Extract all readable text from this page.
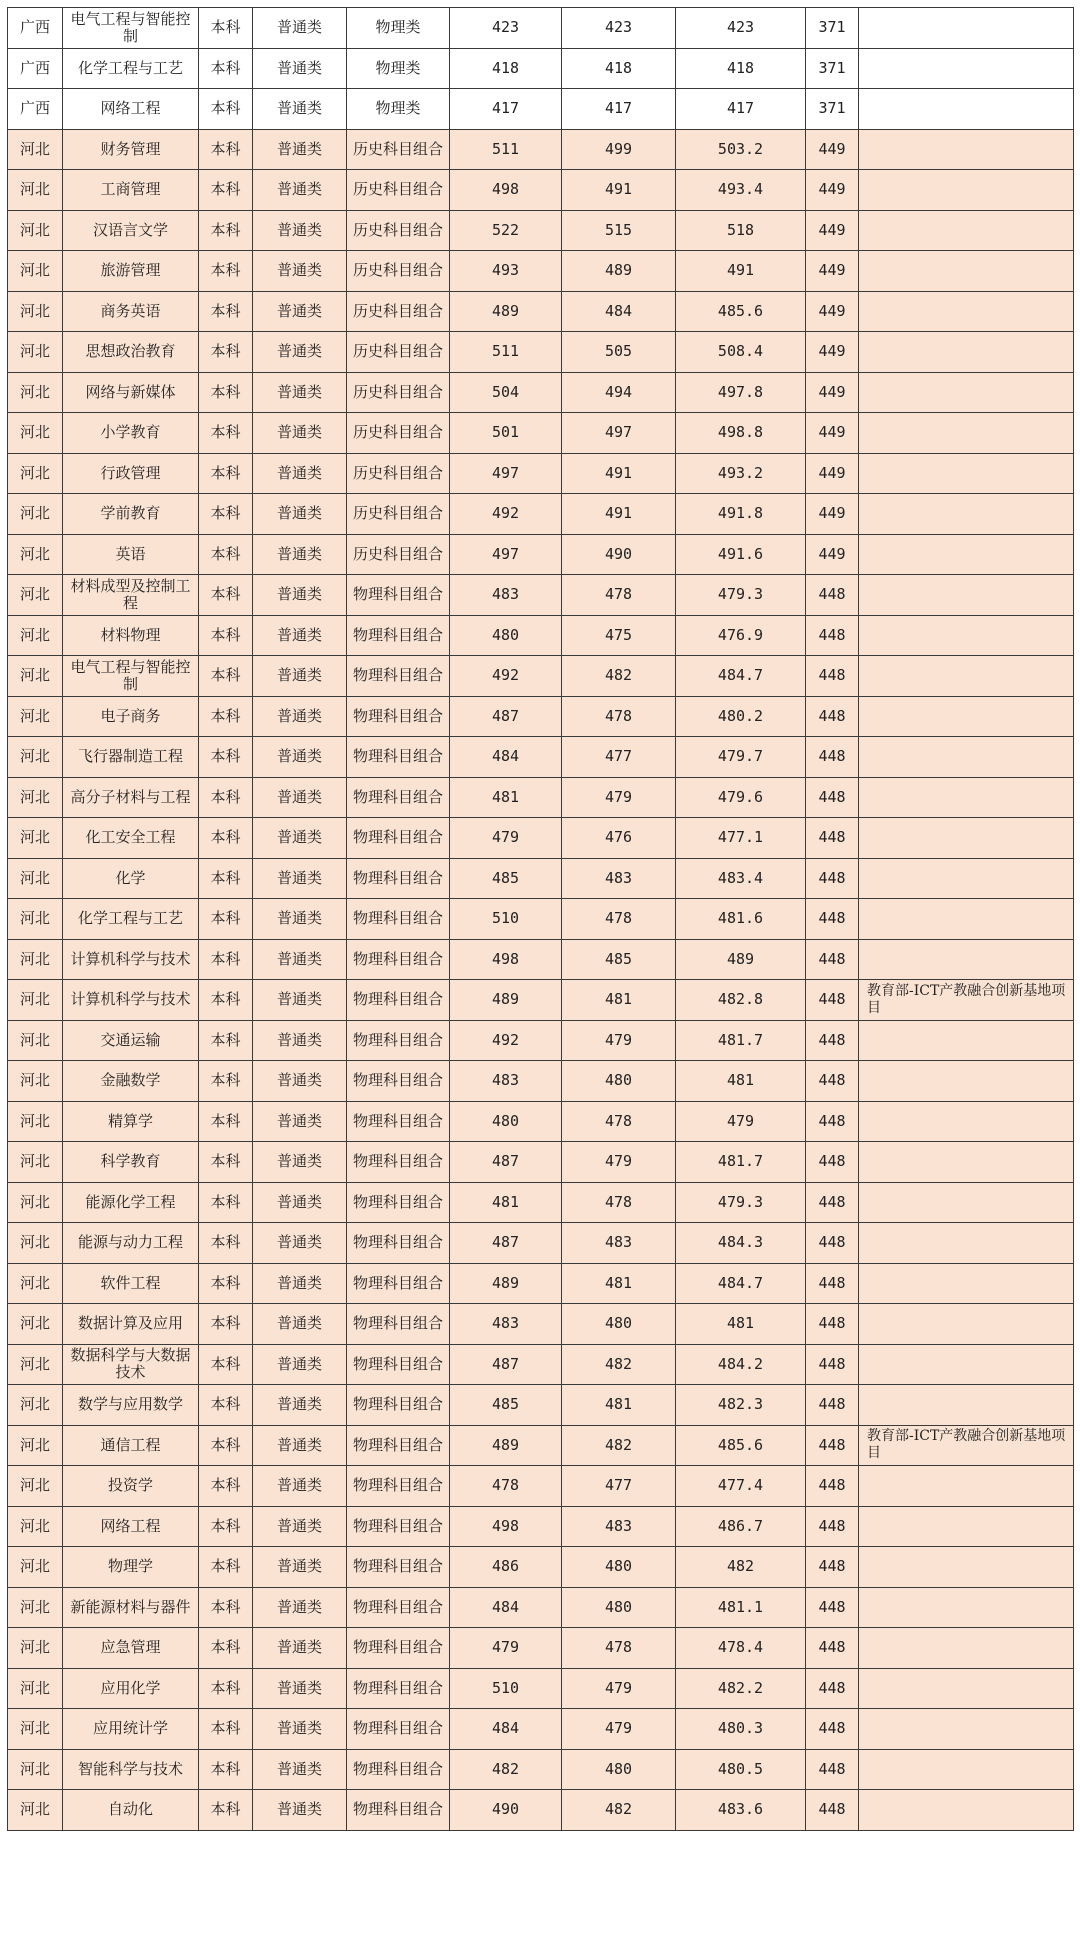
广西	电气工程与智能控制	本科	普通类	物理类	423	423	423	371	
广西	化学工程与工艺	本科	普通类	物理类	418	418	418	371	
广西	网络工程	本科	普通类	物理类	417	417	417	371	
河北	财务管理	本科	普通类	历史科目组合	511	499	503.2	449	
河北	工商管理	本科	普通类	历史科目组合	498	491	493.4	449	
河北	汉语言文学	本科	普通类	历史科目组合	522	515	518	449	
河北	旅游管理	本科	普通类	历史科目组合	493	489	491	449	
河北	商务英语	本科	普通类	历史科目组合	489	484	485.6	449	
河北	思想政治教育	本科	普通类	历史科目组合	511	505	508.4	449	
河北	网络与新媒体	本科	普通类	历史科目组合	504	494	497.8	449	
河北	小学教育	本科	普通类	历史科目组合	501	497	498.8	449	
河北	行政管理	本科	普通类	历史科目组合	497	491	493.2	449	
河北	学前教育	本科	普通类	历史科目组合	492	491	491.8	449	
河北	英语	本科	普通类	历史科目组合	497	490	491.6	449	
河北	材料成型及控制工程	本科	普通类	物理科目组合	483	478	479.3	448	
河北	材料物理	本科	普通类	物理科目组合	480	475	476.9	448	
河北	电气工程与智能控制	本科	普通类	物理科目组合	492	482	484.7	448	
河北	电子商务	本科	普通类	物理科目组合	487	478	480.2	448	
河北	飞行器制造工程	本科	普通类	物理科目组合	484	477	479.7	448	
河北	高分子材料与工程	本科	普通类	物理科目组合	481	479	479.6	448	
河北	化工安全工程	本科	普通类	物理科目组合	479	476	477.1	448	
河北	化学	本科	普通类	物理科目组合	485	483	483.4	448	
河北	化学工程与工艺	本科	普通类	物理科目组合	510	478	481.6	448	
河北	计算机科学与技术	本科	普通类	物理科目组合	498	485	489	448	
河北	计算机科学与技术	本科	普通类	物理科目组合	489	481	482.8	448	教育部-ICT产教融合创新基地项目
河北	交通运输	本科	普通类	物理科目组合	492	479	481.7	448	
河北	金融数学	本科	普通类	物理科目组合	483	480	481	448	
河北	精算学	本科	普通类	物理科目组合	480	478	479	448	
河北	科学教育	本科	普通类	物理科目组合	487	479	481.7	448	
河北	能源化学工程	本科	普通类	物理科目组合	481	478	479.3	448	
河北	能源与动力工程	本科	普通类	物理科目组合	487	483	484.3	448	
河北	软件工程	本科	普通类	物理科目组合	489	481	484.7	448	
河北	数据计算及应用	本科	普通类	物理科目组合	483	480	481	448	
河北	数据科学与大数据技术	本科	普通类	物理科目组合	487	482	484.2	448	
河北	数学与应用数学	本科	普通类	物理科目组合	485	481	482.3	448	
河北	通信工程	本科	普通类	物理科目组合	489	482	485.6	448	教育部-ICT产教融合创新基地项目
河北	投资学	本科	普通类	物理科目组合	478	477	477.4	448	
河北	网络工程	本科	普通类	物理科目组合	498	483	486.7	448	
河北	物理学	本科	普通类	物理科目组合	486	480	482	448	
河北	新能源材料与器件	本科	普通类	物理科目组合	484	480	481.1	448	
河北	应急管理	本科	普通类	物理科目组合	479	478	478.4	448	
河北	应用化学	本科	普通类	物理科目组合	510	479	482.2	448	
河北	应用统计学	本科	普通类	物理科目组合	484	479	480.3	448	
河北	智能科学与技术	本科	普通类	物理科目组合	482	480	480.5	448	
河北	自动化	本科	普通类	物理科目组合	490	482	483.6	448	
